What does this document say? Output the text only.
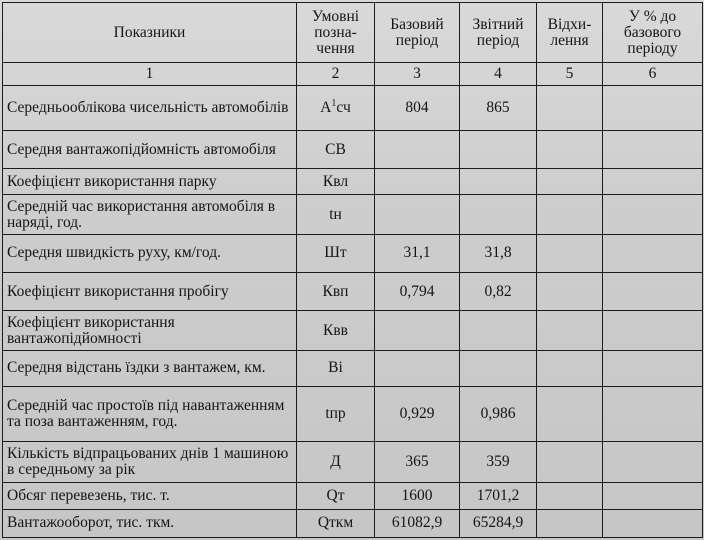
Показники	Умовні позна-чення	Базовий період	Звітний період	Відхи-лення	У % до базового періоду
1	2	3	4	5	6
Середньооблікова чисельність автомобілів	$А^1сч$	804	865		
Середня вантажопідйомність автомобіля	СВ				
Коефіцієнт використання парку	Квл				
Середній час використання автомобіля в наряді, год.	tн				
Середня швидкість руху, км/год.	Шт	31,1	31,8		
Коефіцієнт використання пробігу	Квп	0,794	0,82		
Коефіцієнт використання вантажопідйомності	Квв				
Середня відстань їздки з вантажем, км.	Ві				
Середній час простоїв під навантаженням та поза вантаженням, год.	tпр	0,929	0,986		
Кількість відпрацьованих днів 1 машиною в середньому за рік	Д	365	359		
Обсяг перевезень, тис. т.	Qт	1600	1701,2		
Вантажооборот, тис. ткм.	Qткм	61082,9	65284,9		
